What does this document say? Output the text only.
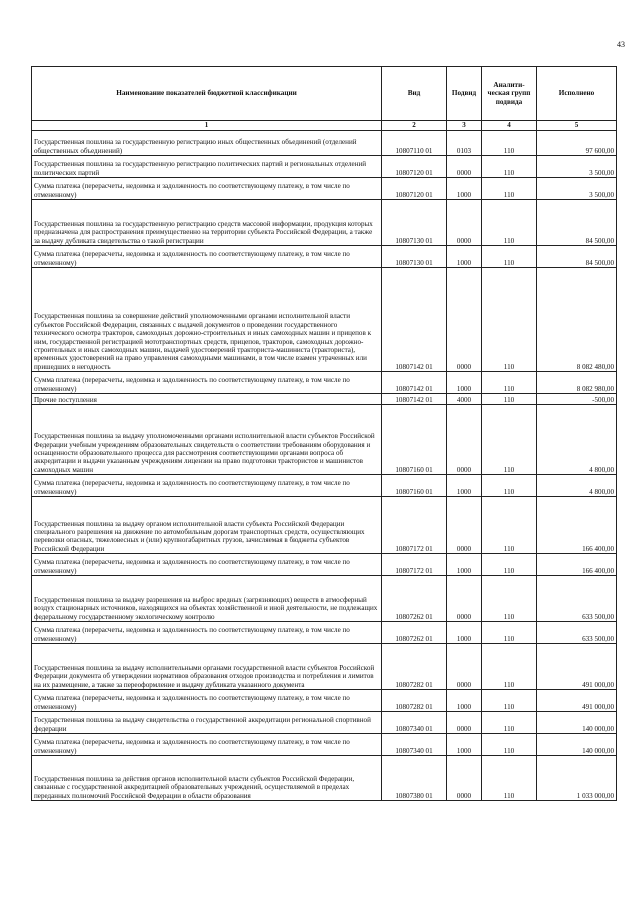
43
Наименование показателей бюджетной классификации	Вид	Подвид	Аналити-ческая групп подвида	Исполнено
1	2	3	4	5
Государственная пошлина за государственную регистрацию иных общественных объединений (отделений общественных объединений)	10807110 01	0103	110	97 600,00
Государственная пошлина за государственную регистрацию политических партий и региональных отделений политических партий	10807120 01	0000	110	3 500,00
Сумма платежа (перерасчеты, недоимка и задолженность по соответствующему платежу, в том числе по отмененному)	10807120 01	1000	110	3 500,00
Государственная пошлина за государственную регистрацию средств массовой информации, продукция которых предназначена для распространения преимущественно на территории субъекта Российской Федерации, а также за выдачу дубликата свидетельства о такой регистрации	10807130 01	0000	110	84 500,00
Сумма платежа (перерасчеты, недоимка и задолженность по соответствующему платежу, в том числе по отмененному)	10807130 01	1000	110	84 500,00
Государственная пошлина за совершение действий уполномоченными органами исполнительной власти субъектов Российской Федерации, связанных с выдачей документов о проведении государственного технического осмотра тракторов, самоходных дорожно-строительных и иных самоходных машин и прицепов к ним, государственной регистрацией мототранспортных средств, прицепов, тракторов, самоходных дорожно-строительных и иных самоходных машин, выдачей удостоверений тракториста-машиниста (тракториста), временных удостоверений на право управления самоходными машинами, в том числе взамен утраченных или пришедших в негодность	10807142 01	0000	110	8 082 480,00
Сумма платежа (перерасчеты, недоимка и задолженность по соответствующему платежу, в том числе по отмененному)	10807142 01	1000	110	8 082 980,00
Прочие поступления	10807142 01	4000	110	-500,00
Государственная пошлина за выдачу уполномоченными органами исполнительной власти субъектов Российской Федерации учебным учреждениям образовательных свидетельств о соответствии требованиям оборудования и оснащенности образовательного процесса для рассмотрения соответствующими органами вопроса об аккредитации и выдачи указанным учреждениям лицензии на право подготовки трактористов и машинистов самоходных машин	10807160 01	0000	110	4 800,00
Сумма платежа (перерасчеты, недоимка и задолженность по соответствующему платежу, в том числе по отмененному)	10807160 01	1000	110	4 800,00
Государственная пошлина за выдачу органом исполнительной власти субъекта Российской Федерации специального разрешения на движение по автомобильным дорогам транспортных средств, осуществляющих перевозки опасных, тяжеловесных и (или) крупногабаритных грузов, зачисляемая в бюджеты субъектов Российской Федерации	10807172 01	0000	110	166 400,00
Сумма платежа (перерасчеты, недоимка и задолженность по соответствующему платежу, в том числе по отмененному)	10807172 01	1000	110	166 400,00
Государственная пошлина за выдачу разрешения на выброс вредных (загрязняющих) веществ в атмосферный воздух стационарных источников, находящихся на объектах хозяйственной и иной деятельности, не подлежащих федеральному государственному экологическому контролю	10807262 01	0000	110	633 500,00
Сумма платежа (перерасчеты, недоимка и задолженность по соответствующему платежу, в том числе по отмененному)	10807262 01	1000	110	633 500,00
Государственная пошлина за выдачу исполнительными органами государственной власти субъектов Российской Федерации документа об утверждении нормативов образования отходов производства и потребления и лимитов на их размещение, а также за переоформление и выдачу дубликата указанного документа	10807282 01	0000	110	491 000,00
Сумма платежа (перерасчеты, недоимка и задолженность по соответствующему платежу, в том числе по отмененному)	10807282 01	1000	110	491 000,00
Государственная пошлина за выдачу свидетельства о государственной аккредитации региональной спортивной федерации	10807340 01	0000	110	140 000,00
Сумма платежа (перерасчеты, недоимка и задолженность по соответствующему платежу, в том числе по отмененному)	10807340 01	1000	110	140 000,00
Государственная пошлина за действия органов исполнительной власти субъектов Российской Федерации, связанные с государственной аккредитацией образовательных учреждений, осуществляемой в пределах переданных полномочий Российской Федерации в области образования	10807380 01	0000	110	1 033 000,00
